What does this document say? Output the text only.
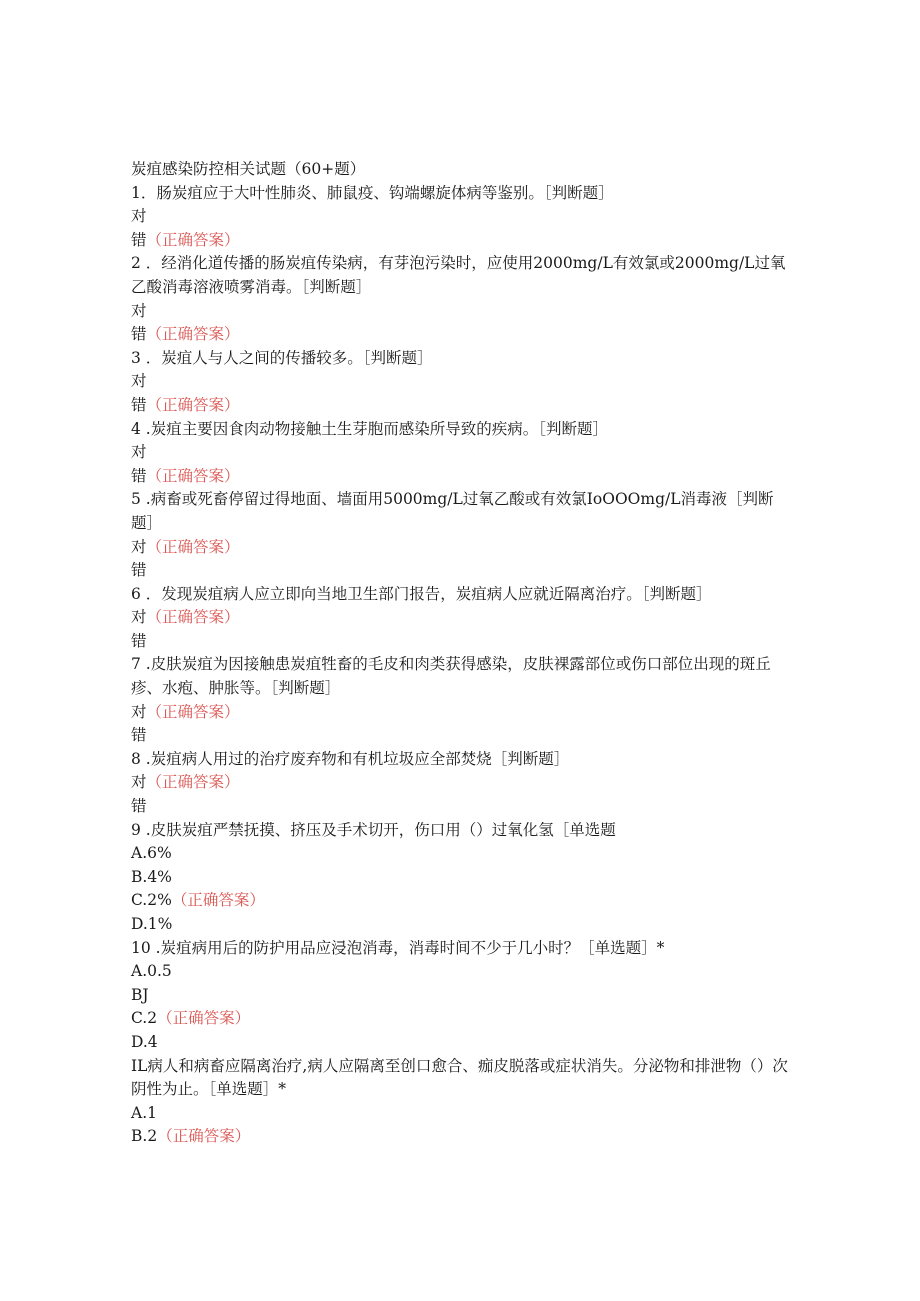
炭疽感染防控相关试题（60+题）
1．肠炭疽应于大叶性肺炎、肺鼠疫、钩端螺旋体病等鉴别。［判断题］
对
错（正确答案）
2 ．经消化道传播的肠炭疽传染病，有芽泡污染时，应使用2000mg/L有效氯或2000mg/L过氧乙酸消毒溶液喷雾消毒。［判断题］
对
错（正确答案）
3 ．炭疽人与人之间的传播较多。［判断题］
对
错（正确答案）
4 .炭疽主要因食肉动物接触土生芽胞而感染所导致的疾病。［判断题］
对
错（正确答案）
5 .病畜或死畜停留过得地面、墙面用5000mg/L过氧乙酸或有效氯IoOOOmg/L消毒液［判断题］
对（正确答案）
错
6 ．发现炭疽病人应立即向当地卫生部门报告，炭疽病人应就近隔离治疗。［判断题］
对（正确答案）
错
7 .皮肤炭疽为因接触患炭疽牲畜的毛皮和肉类获得感染，皮肤裸露部位或伤口部位出现的斑丘疹、水疱、肿胀等。［判断题］
对（正确答案）
错
8 .炭疽病人用过的治疗废弃物和有机垃圾应全部焚烧［判断题］
对（正确答案）
错
9 .皮肤炭疽严禁抚摸、挤压及手术切开，伤口用（）过氧化氢［单选题
A.6%
B.4%
C.2%（正确答案）
D.1%
10 .炭疽病用后的防护用品应浸泡消毒，消毒时间不少于几小时？［单选题］*
A.0.5
BJ
C.2（正确答案）
D.4
IL病人和病畜应隔离治疗,病人应隔离至创口愈合、痂皮脱落或症状消失。分泌物和排泄物（）次阴性为止。［单选题］*
A.1
B.2（正确答案）
